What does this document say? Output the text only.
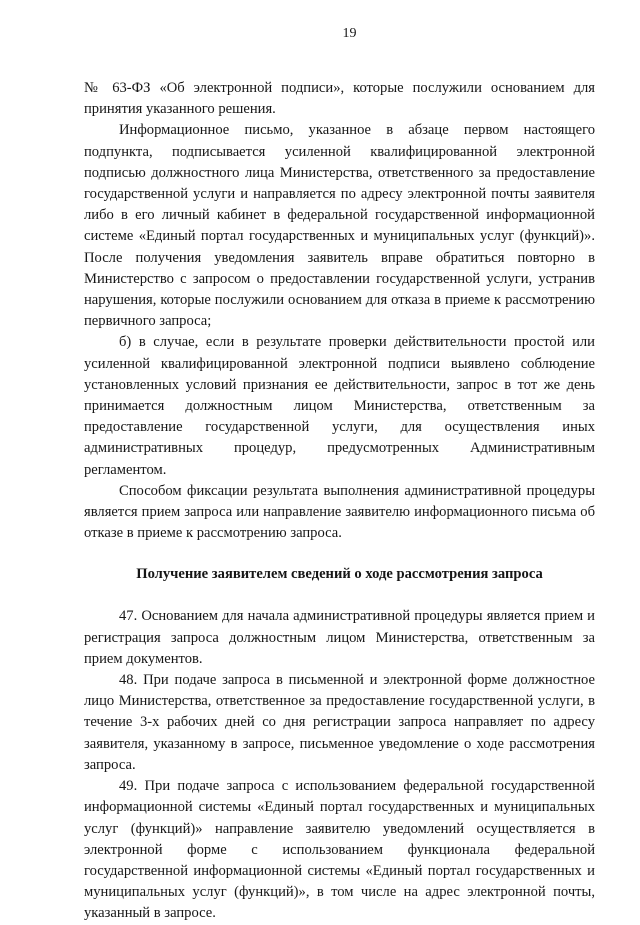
19

№ 63-ФЗ «Об электронной подписи», которые послужили основанием для принятия указанного решения.

Информационное письмо, указанное в абзаце первом настоящего подпункта, подписывается усиленной квалифицированной электронной подписью должностного лица Министерства, ответственного за предоставление государственной услуги и направляется по адресу электронной почты заявителя либо в его личный кабинет в федеральной государственной информационной системе «Единый портал государственных и муниципальных услуг (функций)». После получения уведомления заявитель вправе обратиться повторно в Министерство с запросом о предоставлении государственной услуги, устранив нарушения, которые послужили основанием для отказа в приеме к рассмотрению первичного запроса;

б) в случае, если в результате проверки действительности простой или усиленной квалифицированной электронной подписи выявлено соблюдение установленных условий признания ее действительности, запрос в тот же день принимается должностным лицом Министерства, ответственным за предоставление государственной услуги, для осуществления иных административных процедур, предусмотренных Административным регламентом.

Способом фиксации результата выполнения административной процедуры является прием запроса или направление заявителю информационного письма об отказе в приеме к рассмотрению запроса.

Получение заявителем сведений о ходе рассмотрения запроса

47. Основанием для начала административной процедуры является прием и регистрация запроса должностным лицом Министерства, ответственным за прием документов.

48. При подаче запроса в письменной и электронной форме должностное лицо Министерства, ответственное за предоставление государственной услуги, в течение 3-х рабочих дней со дня регистрации запроса направляет по адресу заявителя, указанному в запросе, письменное уведомление о ходе рассмотрения запроса.

49. При подаче запроса с использованием федеральной государственной информационной системы «Единый портал государственных и муниципальных услуг (функций)» направление заявителю уведомлений осуществляется в электронной форме с использованием функционала федеральной государственной информационной системы «Единый портал государственных и муниципальных услуг (функций)», в том числе на адрес электронной почты, указанный в запросе.
